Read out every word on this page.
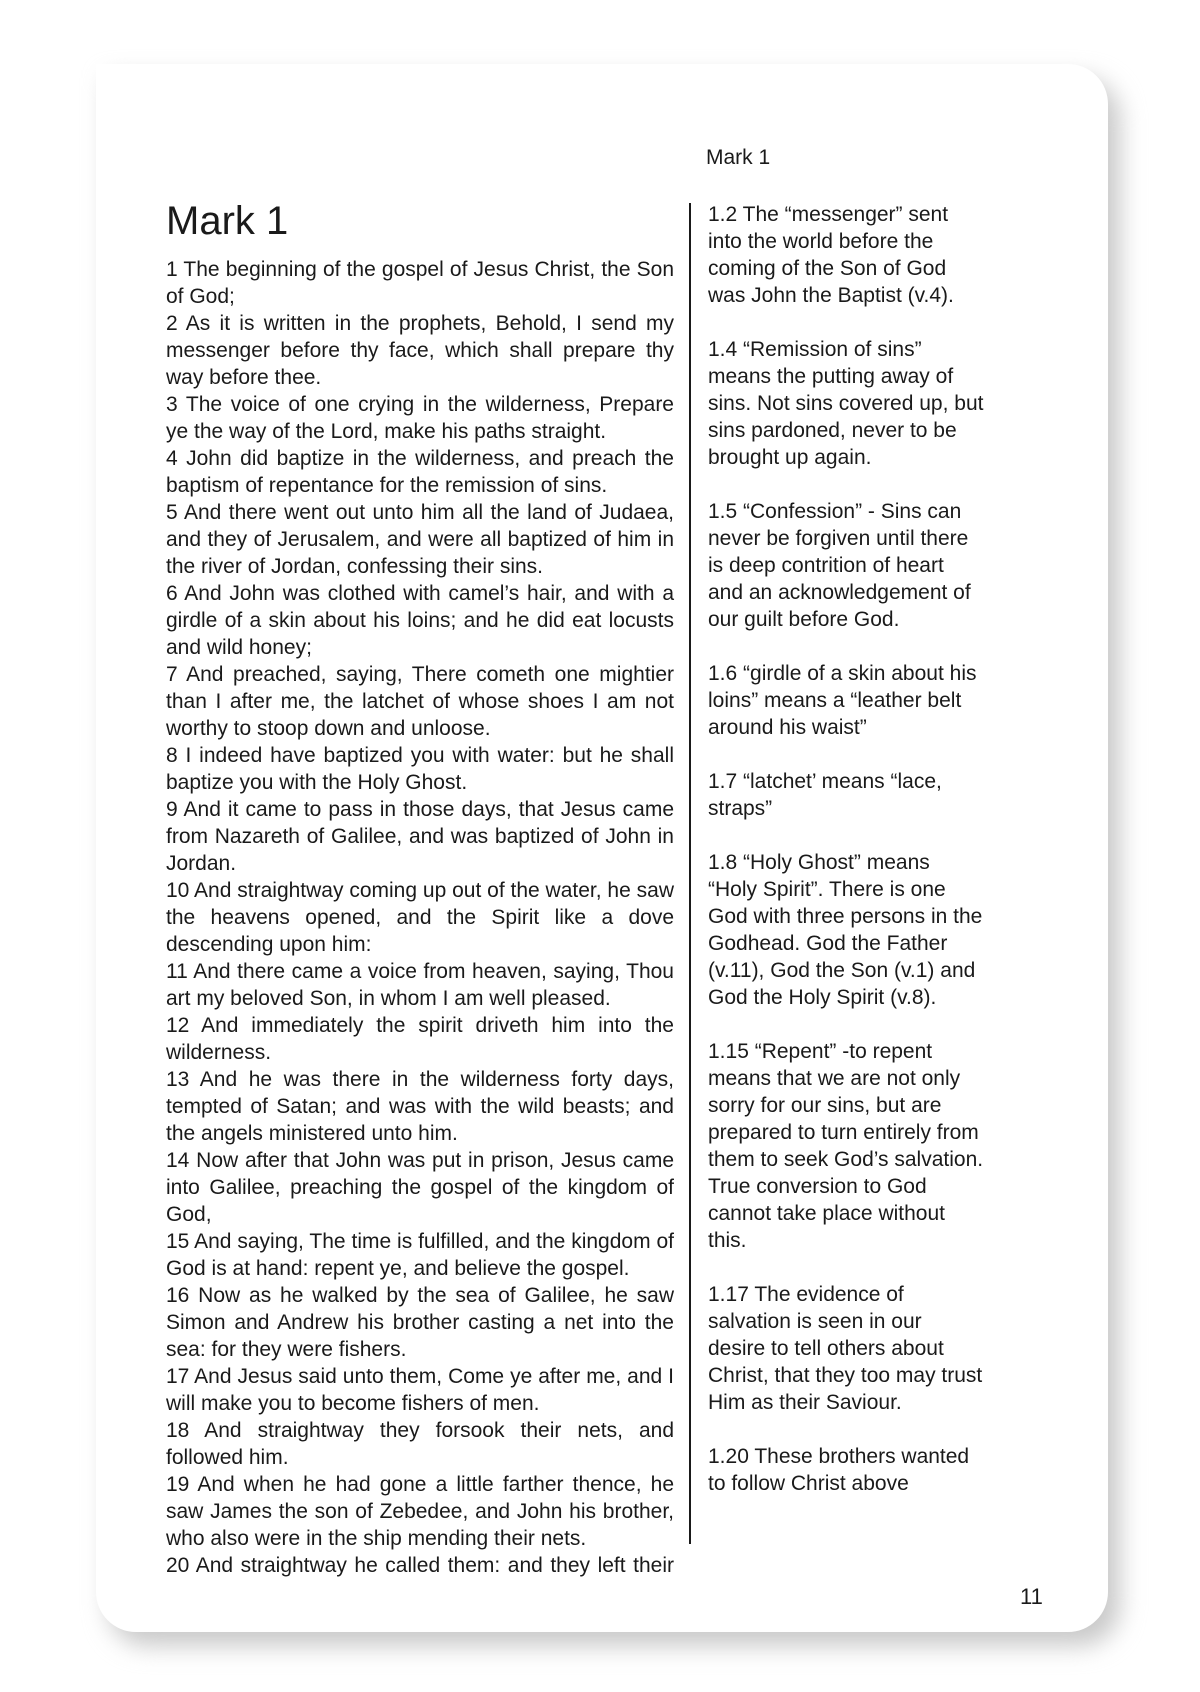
Mark 1
Mark 1
1 The beginning of the gospel of Jesus Christ, the Son of God;
2 As it is written in the prophets, Behold, I send my messenger before thy face, which shall prepare thy way before thee.
3 The voice of one crying in the wilderness, Prepare ye the way of the Lord, make his paths straight.
4 John did baptize in the wilderness, and preach the baptism of repentance for the remission of sins.
5 And there went out unto him all the land of Judaea, and they of Jerusalem, and were all baptized of him in the river of Jordan, confessing their sins.
6 And John was clothed with camel’s hair, and with a girdle of a skin about his loins; and he did eat locusts and wild honey;
7 And preached, saying, There cometh one mightier than I after me, the latchet of whose shoes I am not worthy to stoop down and unloose.
8 I indeed have baptized you with water: but he shall baptize you with the Holy Ghost.
9 And it came to pass in those days, that Jesus came from Nazareth of Galilee, and was baptized of John in Jordan.
10 And straightway coming up out of the water, he saw the heavens opened, and the Spirit like a dove descending upon him:
11 And there came a voice from heaven, saying, Thou art my beloved Son, in whom I am well pleased.
12 And immediately the spirit driveth him into the wilderness.
13 And he was there in the wilderness forty days, tempted of Satan; and was with the wild beasts; and the angels ministered unto him.
14 Now after that John was put in prison, Jesus came into Galilee, preaching the gospel of the kingdom of God,
15 And saying, The time is fulfilled, and the kingdom of God is at hand: repent ye, and believe the gospel.
16 Now as he walked by the sea of Galilee, he saw Simon and Andrew his brother casting a net into the sea: for they were fishers.
17 And Jesus said unto them, Come ye after me, and I will make you to become fishers of men.
18 And straightway they forsook their nets, and followed him.
19 And when he had gone a little farther thence, he saw James the son of Zebedee, and John his brother, who also were in the ship mending their nets.
20 And straightway he called them: and they left their
1.2 The “messenger” sent into the world before the coming of the Son of God was John the Baptist (v.4).
1.4 “Remission of sins” means the putting away of sins. Not sins covered up, but sins pardoned, never to be brought up again.
1.5 “Confession” - Sins can never be forgiven until there is deep contrition of heart and an acknowledgement of our guilt before God.
1.6 “girdle of a skin about his loins” means a “leather belt around his waist”
1.7 “latchet’ means “lace, straps”
1.8 “Holy Ghost” means “Holy Spirit”. There is one God with three persons in the Godhead. God the Father (v.11), God the Son (v.1) and God the Holy Spirit (v.8).
1.15 “Repent” -to repent means that we are not only sorry for our sins, but are prepared to turn entirely from them to seek God’s salvation. True conversion to God cannot take place without this.
1.17 The evidence of salvation is seen in our desire to tell others about Christ, that they too may trust Him as their Saviour.
1.20 These brothers wanted to follow Christ above
11
